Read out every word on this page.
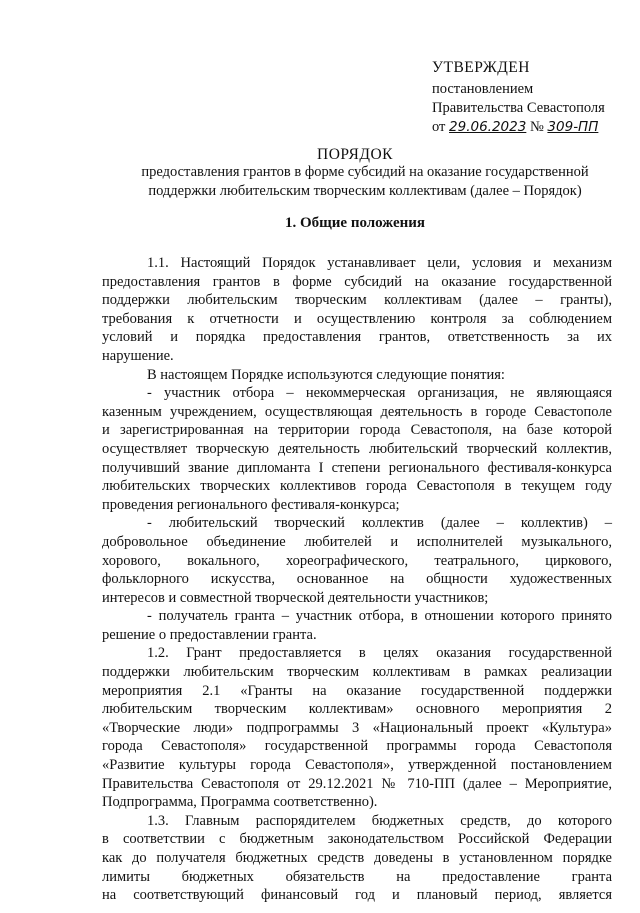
УТВЕРЖДЕН
постановлением
Правительства Севастополя
от 29.06.2023 № 309-ПП
ПОРЯДОК
предоставления грантов в форме субсидий на оказание государственной
поддержки любительским творческим коллективам (далее – Порядок)
1. Общие положения

1.1. Настоящий Порядок устанавливает цели, условия и механизм

предоставления грантов в форме субсидий на оказание государственной

поддержки любительским творческим коллективам (далее – гранты),

требования к отчетности и осуществлению контроля за соблюдением

условий и порядка предоставления грантов, ответственность за их

нарушение.

В настоящем Порядке используются следующие понятия:

- участник отбора – некоммерческая организация, не являющаяся

казенным учреждением, осуществляющая деятельность в городе Севастополе

и зарегистрированная на территории города Севастополя, на базе которой

осуществляет творческую деятельность любительский творческий коллектив,

получивший звание дипломанта I степени регионального фестиваля-конкурса

любительских творческих коллективов города Севастополя в текущем году

проведения регионального фестиваля-конкурса;

- любительский творческий коллектив (далее – коллектив) –

добровольное объединение любителей и исполнителей музыкального,

хорового, вокального, хореографического, театрального, циркового,

фольклорного искусства, основанное на общности художественных

интересов и совместной творческой деятельности участников;

- получатель гранта – участник отбора, в отношении которого принято

решение о предоставлении гранта.

1.2. Грант предоставляется в целях оказания государственной

поддержки любительским творческим коллективам в рамках реализации

мероприятия 2.1 «Гранты на оказание государственной поддержки

любительским творческим коллективам» основного мероприятия 2

«Творческие люди» подпрограммы 3 «Национальный проект «Культура»

города Севастополя» государственной программы города Севастополя

«Развитие культуры города Севастополя», утвержденной постановлением

Правительства Севастополя от 29.12.2021 № 710-ПП (далее – Мероприятие,

Подпрограмма, Программа соответственно).

1.3. Главным распорядителем бюджетных средств, до которого

в соответствии с бюджетным законодательством Российской Федерации

как до получателя бюджетных средств доведены в установленном порядке

лимиты бюджетных обязательств на предоставление гранта

на соответствующий финансовый год и плановый период, является
